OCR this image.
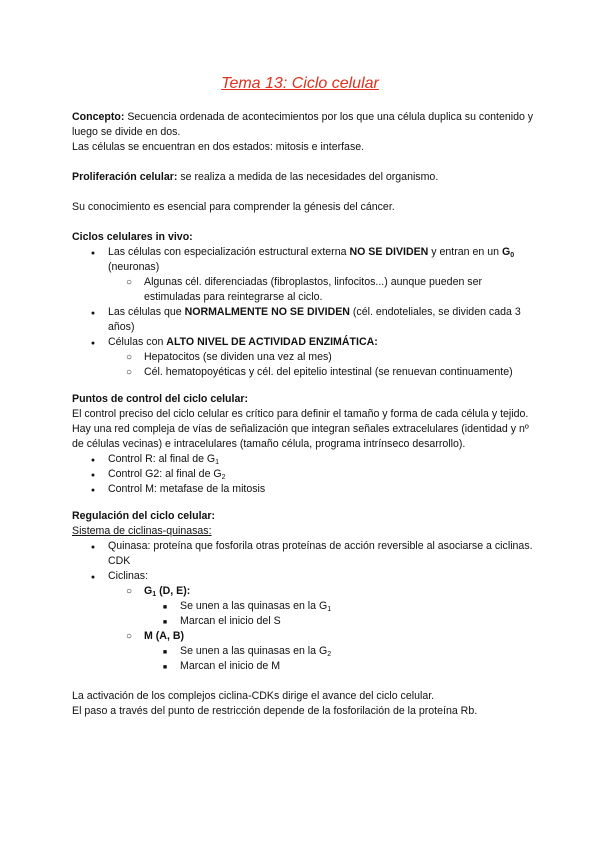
Tema 13: Ciclo celular

Concepto: Secuencia ordenada de acontecimientos por los que una célula duplica su contenido y luego se divide en dos.

Las células se encuentran en dos estados: mitosis e interfase.

Proliferación celular: se realiza a medida de las necesidades del organismo.

Su conocimiento es esencial para comprender la génesis del cáncer.

Ciclos celulares in vivo:

●
Las células con especialización estructural externa NO SE DIVIDEN y entran en un $G_0$ (neuronas)
○
Algunas cél. diferenciadas (fibroplastos, linfocitos...) aunque pueden ser estimuladas para reintegrarse al ciclo.
●
Las células que NORMALMENTE NO SE DIVIDEN (cél. endoteliales, se dividen cada 3 años)
●
Células con ALTO NIVEL DE ACTIVIDAD ENZIMÁTICA:
○
Hepatocitos (se dividen una vez al mes)
○
Cél. hematopoyéticas y cél. del epitelio intestinal (se renuevan continuamente)

Puntos de control del ciclo celular:

El control preciso del ciclo celular es crítico para definir el tamaño y forma de cada célula y tejido.

Hay una red compleja de vías de señalización que integran señales extracelulares (identidad y nº de células vecinas) e intracelulares (tamaño célula, programa intrínseco desarrollo).

●
Control R: al final de $G_1$
●
Control G2: al final de $G_2$
●
Control M: metafase de la mitosis

Regulación del ciclo celular:

Sistema de ciclinas-quinasas:

●
Quinasa: proteína que fosforila otras proteínas de acción reversible al asociarse a ciclinas. CDK
●
Ciclinas:
○
$G_1$ (D, E):
■
Se unen a las quinasas en la $G_1$
■
Marcan el inicio del S
○
M (A, B)
■
Se unen a las quinasas en la $G_2$
■
Marcan el inicio de M

La activación de los complejos ciclina-CDKs dirige el avance del ciclo celular.

El paso a través del punto de restricción depende de la fosforilación de la proteína Rb.
